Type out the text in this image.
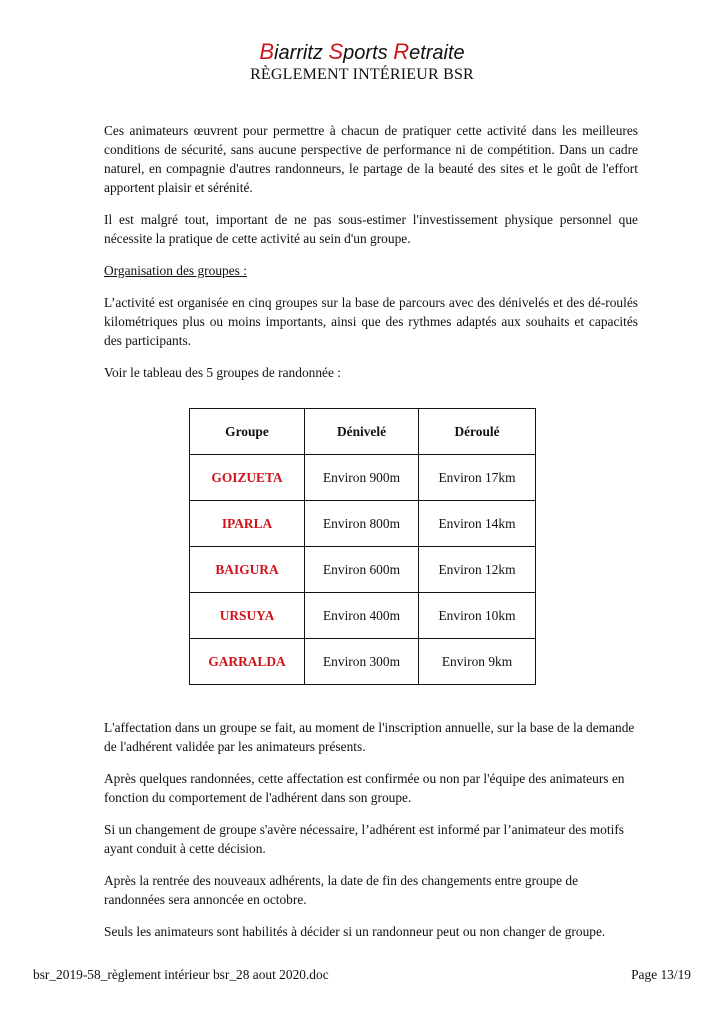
Biarritz Sports Retraite
RÈGLEMENT INTÉRIEUR BSR

Ces animateurs œuvrent pour permettre à chacun de pratiquer cette activité dans les meilleures conditions de sécurité, sans aucune perspective de performance ni de compétition. Dans un cadre naturel, en compagnie d'autres randonneurs, le partage de la beauté des sites et le goût de l'effort apportent plaisir et sérénité.

Il est malgré tout, important de ne pas sous-estimer l'investissement physique personnel que nécessite la pratique de cette activité au sein d'un groupe.

Organisation des groupes :

L’activité est organisée en cinq groupes sur la base de parcours avec des dénivelés et des dé-roulés kilométriques plus ou moins importants, ainsi que des rythmes adaptés aux souhaits et capacités des participants.

Voir le tableau des 5 groupes de randonnée :

Groupe	Dénivelé	Déroulé
GOIZUETA	Environ 900m	Environ 17km
IPARLA	Environ 800m	Environ 14km
BAIGURA	Environ 600m	Environ 12km
URSUYA	Environ 400m	Environ 10km
GARRALDA	Environ 300m	Environ 9km

L'affectation dans un groupe se fait, au moment de l'inscription annuelle, sur la base de la demande de l'adhérent validée par les animateurs présents.

Après quelques randonnées, cette affectation est confirmée ou non par l'équipe des animateurs en fonction du comportement de l'adhérent dans son groupe.

Si un changement de groupe s'avère nécessaire, l’adhérent est informé par l’animateur des motifs ayant conduit à cette décision.

Après la rentrée des nouveaux adhérents, la date de fin des changements entre groupe de randonnées sera annoncée en octobre.

Seuls les animateurs sont habilités à décider si un randonneur peut ou non changer de groupe.

bsr_2019-58_règlement intérieur bsr_28 aout 2020.doc	Page 13/19
